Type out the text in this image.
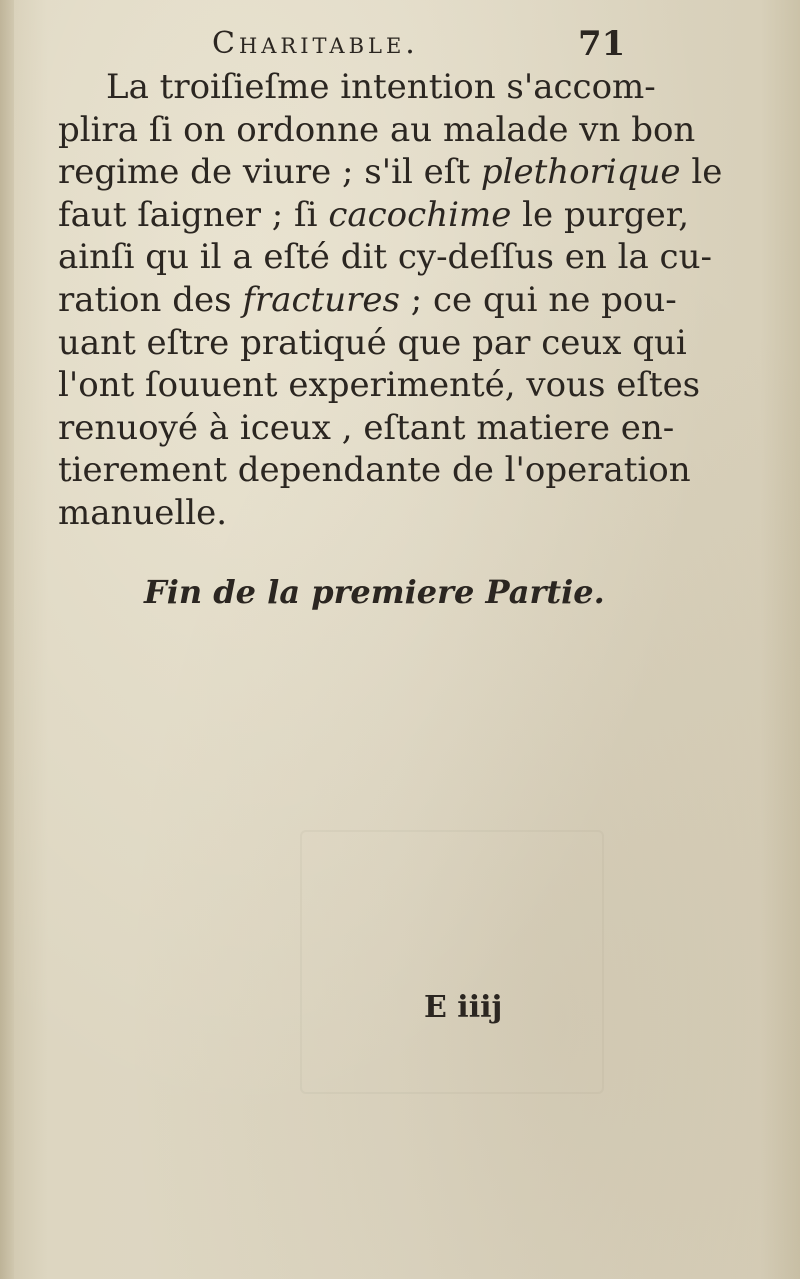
Charitable.	71
La troiſieſme intention s'accom-
plira ſi on ordonne au malade vn bon
regime de viure ; s'il eſt plethorique le
faut ſaigner ; ſi cacochime le purger,
ainſi qu il a eſté dit cy-deſſus en la cu-
ration des fractures ; ce qui ne pou-
uant eſtre pratiqué que par ceux qui
l'ont ſouuent experimenté, vous eſtes
renuoyé à iceux , eſtant matiere en-
tierement dependante de l'operation
manuelle.
Fin de la premiere Partie.
E iiij
